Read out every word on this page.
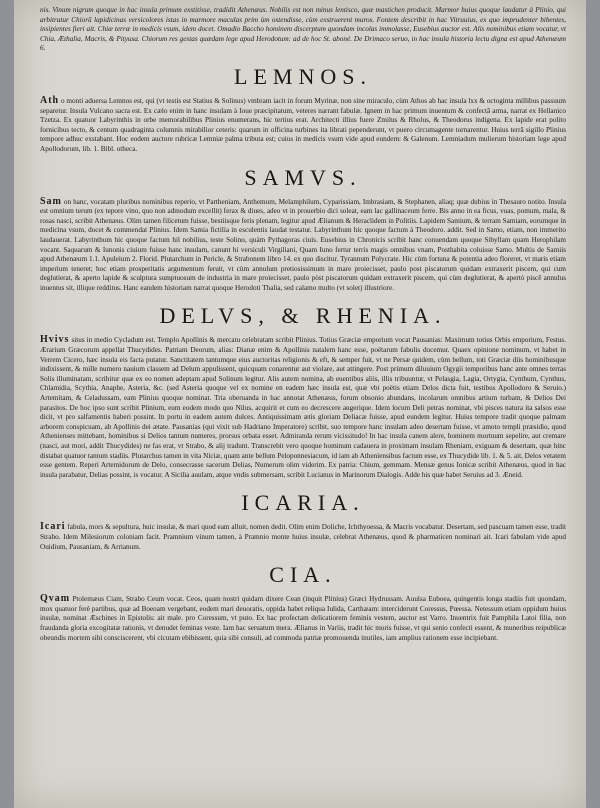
nis. Vinum nigrum quoque in hac insula primum exstitisse, tradidit Athenæus. Nobilis est non minus lentisco, quæ mastichen producit. Marmor huius quoque laudatur à Plinio, qui arbitratur Chiorū lapidicinas versicolores istas in marmore maculas prim ùm ostendisse, cùm exstruerent muros. Fontem describit in hac Vitruuius, ex quo imprudenter bibentes, insipientes fieri ait. Chiæ terræ in medicis vsum, idem docet. Omadio Baccho hominem discerptum quondam incolas immolasse, Eusebius auctor est. Alis nominibus etiam vocatur, vt Chia, Æthalia, Macris, & Pityusa. Chiorum res gestas quædam lege apud Herodotum: ad de hoc St. aboné. De Drimaco seruo, in hac insula historia lectu digna est apud Athenæum 6.

LEMNOS.

Ath o monti aduersa Lemnos est, qui (vt testis est Statius & Solinus) vmbram iacit in forum Myrinæ, non sine miraculo, cùm Athos ab hac insula lxx & octoginta millibus passuum separetur. Insula Vulcano sacra est. Ex cælo enim in hanc insulam à Ioue præcipitatum, veteres narrant fabulæ. Ignem in hac primum inuentum & confectā arma, narrat ex Hellanico Tzetza. Ex quatuor Labyrinthis in orbe memorabilibus Plinius enumerans, hic tertius erat. Architecti illius fuere Zmilus & Rholus, & Theodorus indigena. Ex lapide erat polito fornicibus tecto, & centum quadraginta columnis mirabilior ceteris: quarum in officina turbines ita librati pependerunt, vt puero circumagente tornarentur. Huius terrā sigillo Plinius tempore adhuc exstabant. Hoc eodem auctore rubricæ Lemniæ palma tributa est; cuius in medicis vsum vide apud eundem: & Galenum. Lemniadum mulierum historiam lege apud Apollodorum, lib. 1. Bibl. otheca.

SAMVS.

Sam on hanc, vocatam pluribus nominibus reperio, vt Partheniam, Anthemum, Melamphilum, Cyparissiam, Imbrasiam, & Stephanen, aliaq; quæ dubius in Thesauro notito. Insula est omnium terum (ex tepore vino, quo non admodum excellit) ferax & diues, adeo vt in prouerbio dici soleat, eam lac gallinaceum ferre. Bis anno in ea ficus, vuas, pomum, mala, & rosas nasci, scribit Athenæus. Olim tamen filicetum fuisse, bestiisque feris plenam, legitur apud Ælianum & Heraclidem in Politiis. Lapidem Samium, & terram Samiam, eorumque in medicina vsum, docet & commendat Plinius. Idem Samia fictilia in esculentis laudat testatur. Labyrinthum hic quoque factum à Theodoro. addit. Sed in Samo, etiam, non immerito laudauerat. Labyrinthum hic quoque factum hil nobilius, teste Solino, quàm Pythagoras ciuis. Eusebius in Chronicis scribit hanc conuendam quoque Sibyllam quam Herophilam vocant. Saquarum & Iunonis ciuium fuisse hanc insulam, canunt hi versiculi Virgiliani, Quam Iuno fertur terris magis omnibus vnam, Posthabita coluisse Samo. Multis de Samiis apud Athenæum 1.1. Apuleium 2. Florid. Plutarchum in Pericle, & Strabonem libro 14. ex quo discitur. Tyrannum Polycrate. Hic cùm fortuna & potentia adeo floreret, vt maris etiam imperium teneret; hoc etiam prosperitatis argumentum feruit, vt cùm annulum pretiosissimum in mare proiecisset, paulo post piscatorum quidam extraxerit piscem, qui cum deglutierat, & aperto lapide & sculptura sumptuosum de industria in mare proiecisset, paulo pòst piscatorum quidam extraxerit piscem, qui cùm deglutierat, & apertò piscē annulus inuentus sit, illique redditus. Hanc eandem historiam narrat quoque Herodoti Thalia, sed calamo multo (vt solet) illustriore.

DELVS, & RHENIA.

Hvivs situs in medio Cycladum est. Templo Apollinis & mercatu celebratam scribit Plinius. Totius Græciæ emporium vocat Pausanias: Maximum totius Orbis emporium, Festus. Ærarium Græcorum appellat Thucydides. Patriam Deorum, alias: Dianæ enim & Apollinis natalem hanc esse, poëtarum fabulis docemur. Quaex opinione nominum, vt habet in Verrem Cicero, hæc insula eis facta putatur. Sanctitatem tantumque eius auctoritas religionis & eft, & semper fuit, vt ne Persæ quidem, cùm bellum, toti Græciæ diis hominibusque indixissent, & mille numero nauium classem ad Delum appulissent, quicquam conarentur aut violare, aut attingere. Post primum diluuium Ogygii temporibus hanc ante omnes terras Solis illuminatam, scribitur quæ ex eo nomen adeptam apud Solinum legitur. Alis autem nomina, ab euentibus aliis, illis tribuuntur, vt Pelasgia, Lagia, Ortygia, Cynthum, Cynthus, Chlamidia, Scythia, Anaphe, Asteria, &c. (sed Asteria quoque vel ex nomine en eadem hæc insula est, quæ vbi poëtis etiam Delos dicta fuit, testibus Apollodoro & Seruio.) Artemitam, & Celadussam, eam Plinius quoque nominat. Tria oberuanda in hac annotat Athenæus, forum obsonio abundans, incolarum omnibus artium turbam, & Delios Dei parasitos. De hoc ipso sunt scribit Plinium, eum eodem modo quo Nilus, acquirit et cum eo decrescere augerique. Idem locum Deli petras nominat, vbi pisces natura ita salsos esse dicit, vt pro salfamentis haberi possint. In portu in eadem autem dulces. Antiquissimam ætis gloriam Deliacæ fuisse, apud eundem legitur. Huius tempore tradit quoque palmam arborem conspicuam, ab Apollinis dei ætate. Pausanias (qui vixit sub Hadriano Imperatore) scribit, suo tempore hanc insulam adeo desertam fuisse, vt amoto templi præsidio, quod Athenienses mittebant, hominibus si Delios tantum numeres, prorsus orbata esset. Admiranda rerum vicissitudo! In hac insula canem alere, hominem mortuum sepelire, aut cremare (nasci, aut mori, addit Thucydides) ne fas erat, vt Strabo, & alij tradunt. Transcrebit vero quoque hominum cadauera in proximam insulam Rheniam, exiguam & desertam, quæ hinc distabat quatuor tantum stadiis. Plutarchus tamen in vita Niciæ, quam ante bellum Peloponnesiacum, id iam ab Atheniensibus factum esse, ex Thucydide lib. 1. & 5. ait, Delos vetatem esse gentem. Reperi Artemidorum de Delo, consecrasse sacerum Delias, Numerum olim viderim. Ex patria: Chium, gemmam. Mensæ genus Ionicæ scribit Athenæus, quod in hac insula parabatur, Delias possint, is vocatur. A Sicilia auulam, atque vndis submersam, scribit Lucianus in Marinorum Dialogis. Adde his quæ habet Seruius ad 3. Æneid.

ICARIA.

Icari fabula, mors & sepultura, huic insulæ, & mari quod eam alluit, nomen dedit. Olim enim Doliche, Ichthyoessa, & Macris vocabatur. Desertam, sed pascuam tamen esse, tradit Strabo. Idem Milesiorum coloniam facit. Pramnium vinum tamen, à Pramnio monte huius insulæ, celebrat Athenæus, quod & pharmaticen nominari ait. Icari fabulam vide apud Ouidium, Pausaniam, & Arrianum.

CIA.

Qvam Ptolemæus Ciam, Strabo Ceum vocat. Ceos, quam nostri quidam dixere Cean (inquit Plinius) Græci Hydrussam. Auulsa Euboea, quingentis longa stadiis fuit quondam, mox quatuor ferè partibus, quæ ad Boeoam vergebant, eodem mari deuoratis, oppida habet reliqua Iulida, Carthæam: interciderunt Coressus, Pœessa. Netessum etiam oppidum huius insulæ, nominat Æschines in Epistolis: ait male. pro Coressum, vt puto. Ex hac profectam delicatiorem feminis vestem, auctor est Varro. Inuentrix fuit Pamphila Latoi filia, non fraudanda gloria excogitatæ rationis, vt denudet feminas veste. Iam hac seruatum mera. Ælianus in Variis, tradit hic moris fuisse, vt qui senio confecti essent, & muneribus reipublicæ obeundis mortem sibi consciscerent, vbi cicutam ebibissent, quia sibi consuli, ad commoda patriæ promouenda inutiles, iam amplius rationem esse incipiebant.
